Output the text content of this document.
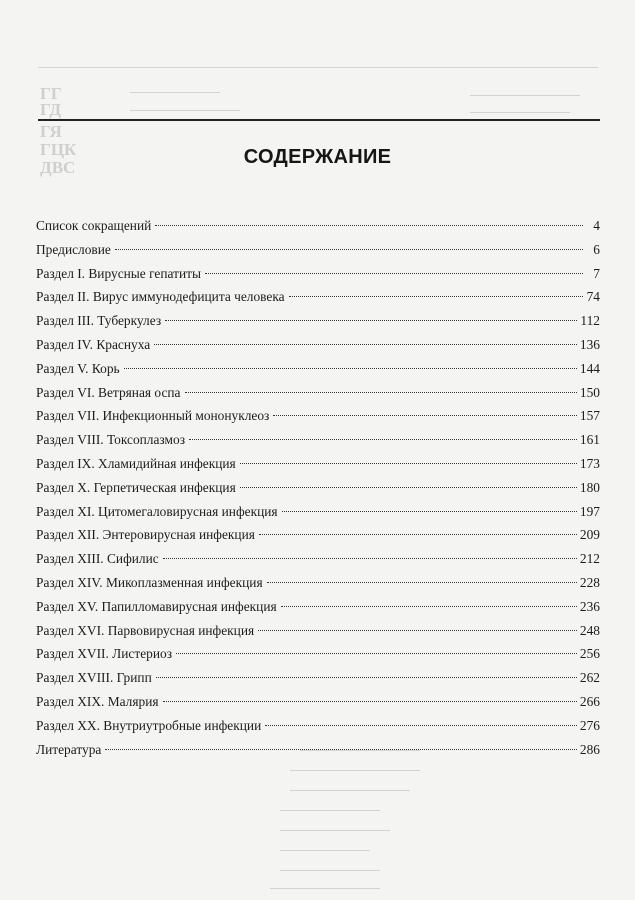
ГГ
ГД
ГЯ
ГЦК
ДВС	СОДЕРЖАНИЕ
Список сокращений	4
Предисловие	6
Раздел I. Вирусные гепатиты	7
Раздел II. Вирус иммунодефицита человека	74
Раздел III. Туберкулез	112
Раздел IV. Краснуха	136
Раздел V. Корь	144
Раздел VI. Ветряная оспа	150
Раздел VII. Инфекционный мононуклеоз	157
Раздел VIII. Токсоплазмоз	161
Раздел IX. Хламидийная инфекция	173
Раздел X. Герпетическая инфекция	180
Раздел XI. Цитомегаловирусная инфекция	197
Раздел XII. Энтеровирусная инфекция	209
Раздел XIII. Сифилис	212
Раздел XIV. Микоплазменная инфекция	228
Раздел XV. Папилломавирусная инфекция	236
Раздел XVI. Парвовирусная инфекция	248
Раздел XVII. Листериоз	256
Раздел XVIII. Грипп	262
Раздел XIX. Малярия	266
Раздел XX. Внутриутробные инфекции	276
Литература	286
